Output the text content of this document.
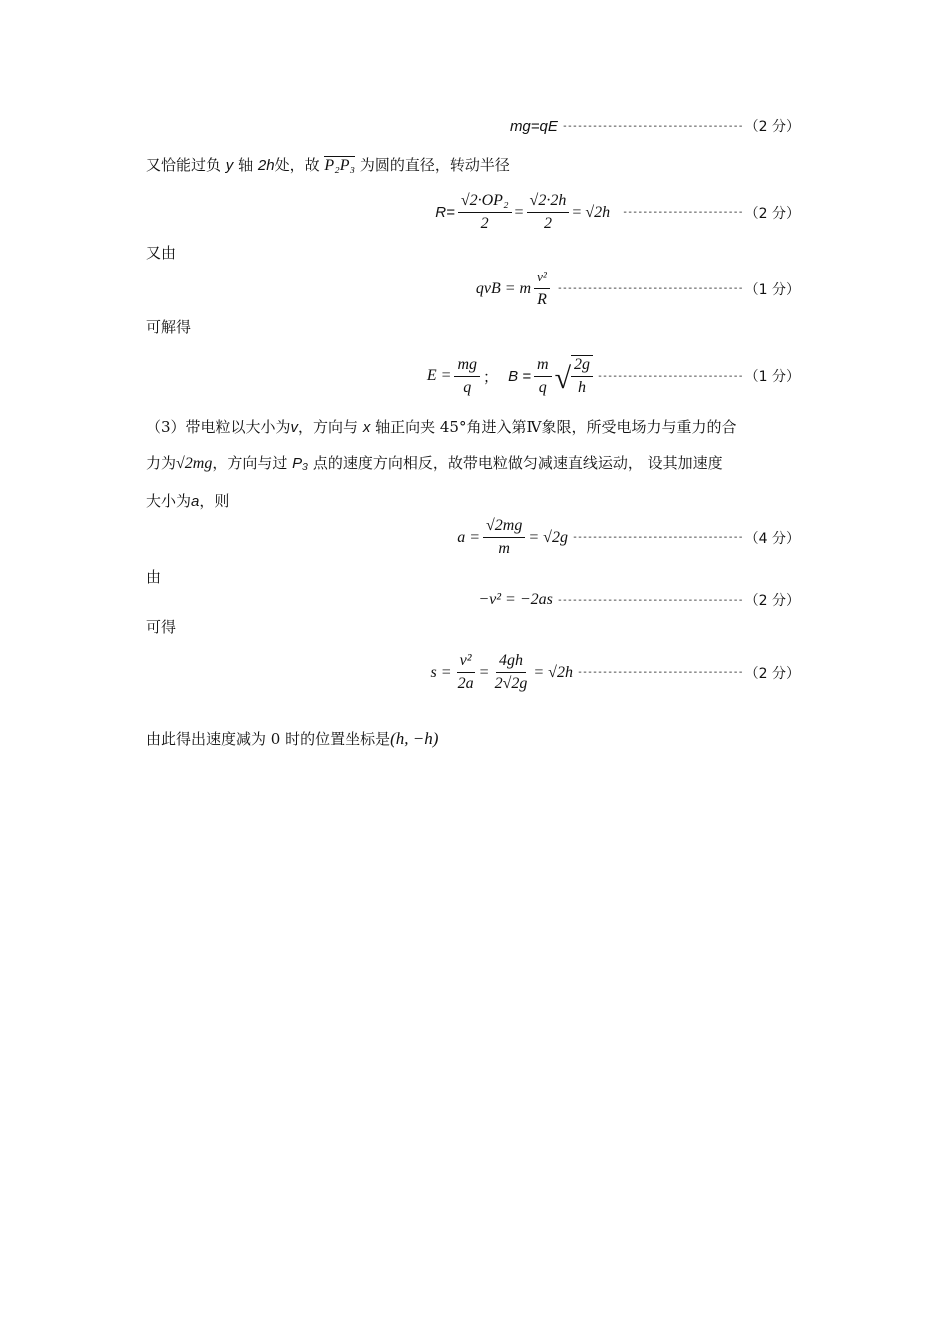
mg=qE ------------------------------------ （2 分）
又恰能过负 y 轴 2h处，故 P₂P₃ 为圆的直径，转动半径
$R= \frac{\text{√2·OP₂}}{2} = \frac{√2\cdot 2h}{2} = √2h$ ------------------------ （2 分）
又由
qvB = m $\frac{\text{v²}}{R}$ ------------------------------------- （1 分）
可解得
$E = \frac{mg}{q}$ ； $B = \frac{m}{q}$ √ $\frac{2g}{h}$ ----------------------------- （1 分）
（3）带电粒以大小为v，方向与 x 轴正向夹 45°角进入第Ⅳ象限，所受电场力与重力的合
力为√2mg，方向与过 P₃ 点的速度方向相反，故带电粒做匀减速直线运动， 设其加速度
大小为a，则
$a = \frac{√2mg}{m} = √2g$ ---------------------------------- （4 分）
由
−v² = −2as ------------------------------------- （2 分）
可得
$s = \frac{\text{v²}}{2a} = \frac{4gh}{2√2g} = √2h$ --------------------------------- （2 分）
由此得出速度减为 0 时的位置坐标是(h, −h)
